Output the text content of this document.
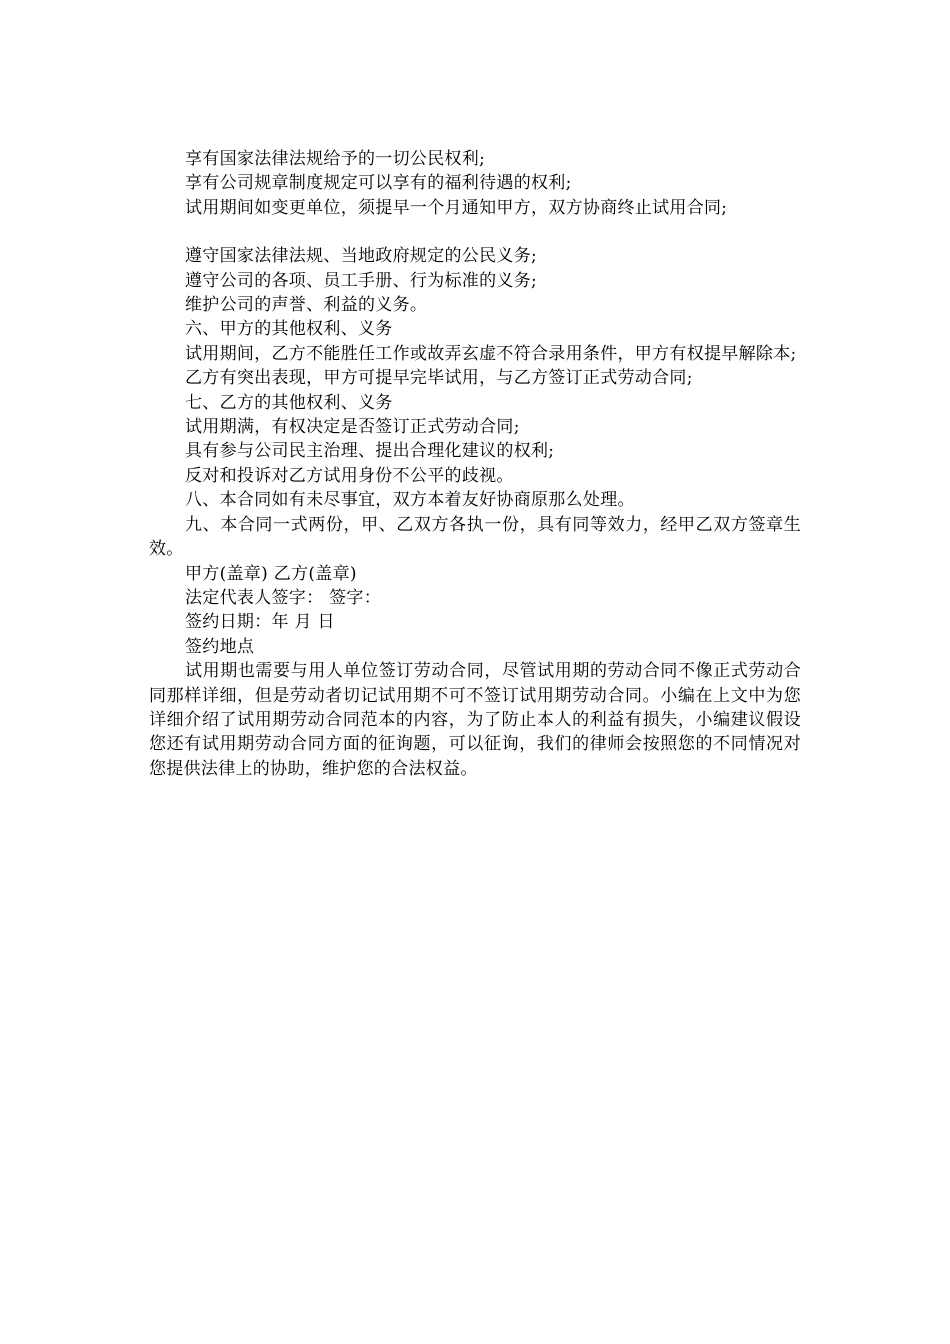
享有国家法律法规给予的一切公民权利;

享有公司规章制度规定可以享有的福利待遇的权利;

试用期间如变更单位，须提早一个月通知甲方，双方协商终止试用合同;

遵守国家法律法规、当地政府规定的公民义务;

遵守公司的各项、员工手册、行为标准的义务;

维护公司的声誉、利益的义务。

六、甲方的其他权利、义务

试用期间，乙方不能胜任工作或故弄玄虚不符合录用条件，甲方有权提早解除本;

乙方有突出表现，甲方可提早完毕试用，与乙方签订正式劳动合同;

七、乙方的其他权利、义务

试用期满，有权决定是否签订正式劳动合同;

具有参与公司民主治理、提出合理化建议的权利;

反对和投诉对乙方试用身份不公平的歧视。

八、本合同如有未尽事宜，双方本着友好协商原那么处理。

九、本合同一式两份，甲、乙双方各执一份，具有同等效力，经甲乙双方签章生效。

甲方(盖章) 乙方(盖章)

法定代表人签字： 签字：

签约日期：年 月 日

签约地点

试用期也需要与用人单位签订劳动合同，尽管试用期的劳动合同不像正式劳动合同那样详细，但是劳动者切记试用期不可不签订试用期劳动合同。小编在上文中为您详细介绍了试用期劳动合同范本的内容，为了防止本人的利益有损失，小编建议假设您还有试用期劳动合同方面的征询题，可以征询，我们的律师会按照您的不同情况对您提供法律上的协助，维护您的合法权益。
